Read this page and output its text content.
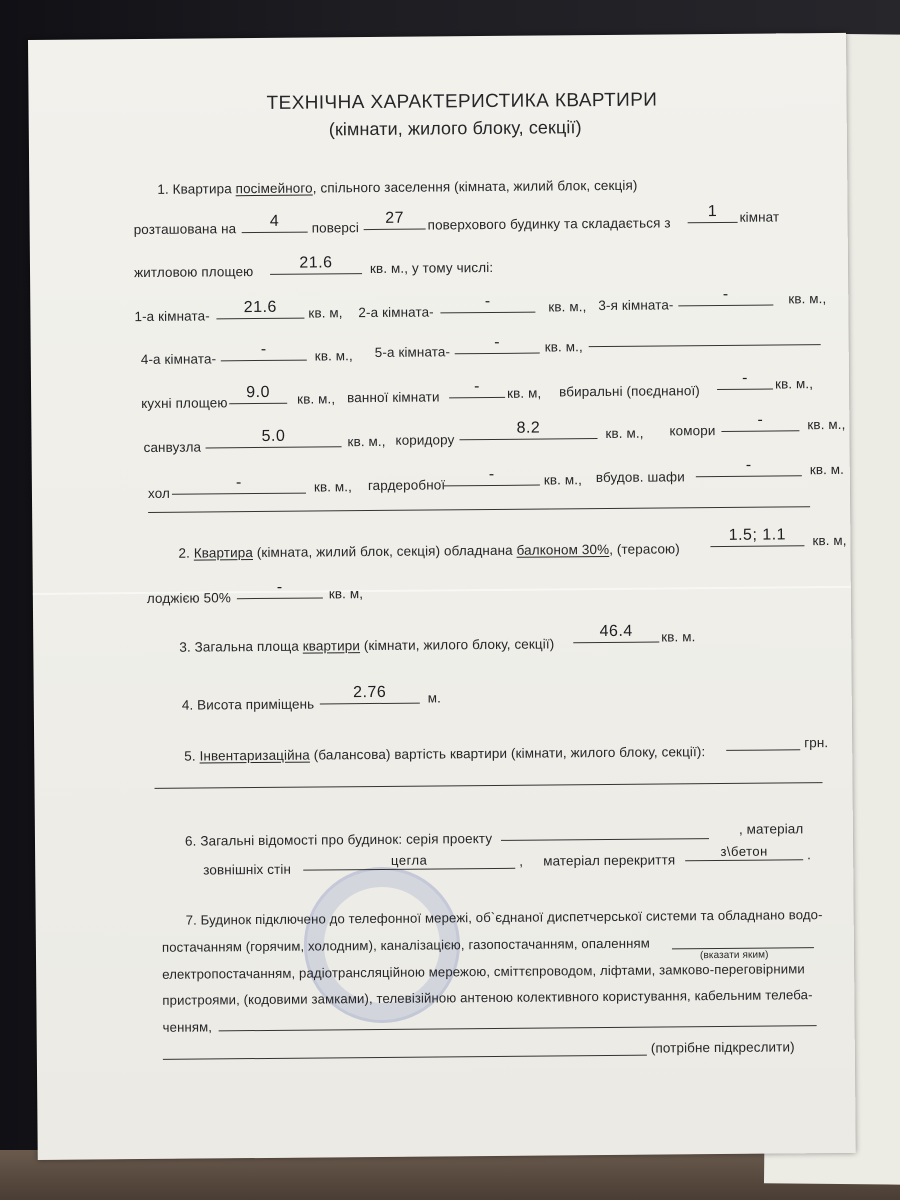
ТЕХНІЧНА ХАРАКТЕРИСТИКА КВАРТИРИ
(кімнати, жилого блоку, секції)
1. Квартира посімейного, спільного заселення (кімната, жилий блок, секція)
розташована на	4	поверсі
27	поверхового будинку та складається з
1	кімнат
житловою площею
21.6	кв. м., у тому числі:
1-а кімната-
21.6	кв. м, 2-а кімната-
-	кв. м., 3-я кімната-
-	кв. м.,
4-а кімната-
-	кв. м., 5-а кімната-
-	кв. м.,
кухні площею
9.0	кв. м., ванної кімнати
-	кв. м, вбиральні (поєднаної)
-	кв. м.,
санвузла
5.0	кв. м., коридору
8.2	кв. м., комори
-	кв. м.,
хол
-	кв. м., гардеробної
-	кв. м., вбудов. шафи
-	кв. м.
2. Квартира (кімната, жилий блок, секція) обладнана балконом 30%, (терасою)
1.5; 1.1	кв. м,
лоджією 50%
-	кв. м,
3. Загальна площа квартири (кімнати, жилого блоку, секції)
46.4	кв. м.
4. Висота приміщень
2.76	м.
5. Інвентаризаційна (балансова) вартість квартири (кімнати, жилого блоку, секції):
грн.
6. Загальні відомості про будинок: серія проекту
, матеріал
зовнішніх стін
цегла	, матеріал перекриття
з\бетон	.
7. Будинок підключено до телефонної мережі, об`єднаної диспетчерської системи та обладнано водо-
постачанням (горячим, холодним), каналізацією, газопостачанням, опаленням
(вказати яким)
електропостачанням, радіотрансляційною мережою, сміттєпроводом, ліфтами, замково-переговірними
пристроями, (кодовими замками), телевізійною антеною колективного користування, кабельним телеба-
ченням,
(потрібне підкреслити)
